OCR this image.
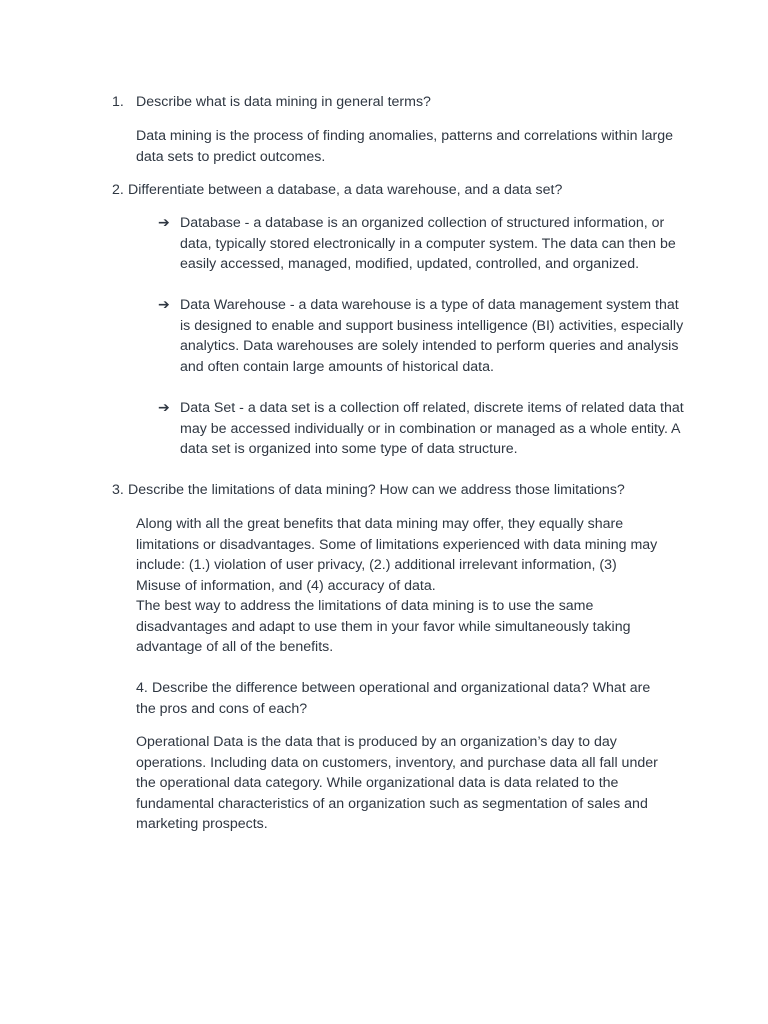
1. Describe what is data mining in general terms?

Data mining is the process of finding anomalies, patterns and correlations within large data sets to predict outcomes.

2. Differentiate between a database, a data warehouse, and a data set?
➔ Database - a database is an organized collection of structured information, or data, typically stored electronically in a computer system. The data can then be easily accessed, managed, modified, updated, controlled, and organized.

➔ Data Warehouse - a data warehouse is a type of data management system that is designed to enable and support business intelligence (BI) activities, especially analytics. Data warehouses are solely intended to perform queries and analysis and often contain large amounts of historical data.

➔ Data Set - a data set is a collection off related, discrete items of related data that may be accessed individually or in combination or managed as a whole entity. A data set is organized into some type of data structure.

3. Describe the limitations of data mining? How can we address those limitations?

Along with all the great benefits that data mining may offer, they equally share limitations or disadvantages. Some of limitations experienced with data mining may include: (1.) violation of user privacy, (2.) additional irrelevant information, (3) Misuse of information, and (4) accuracy of data.

The best way to address the limitations of data mining is to use the same disadvantages and adapt to use them in your favor while simultaneously taking advantage of all of the benefits.

4. Describe the difference between operational and organizational data? What are the pros and cons of each?

Operational Data is the data that is produced by an organization’s day to day operations. Including data on customers, inventory, and purchase data all fall under the operational data category. While organizational data is data related to the fundamental characteristics of an organization such as segmentation of sales and marketing prospects.
